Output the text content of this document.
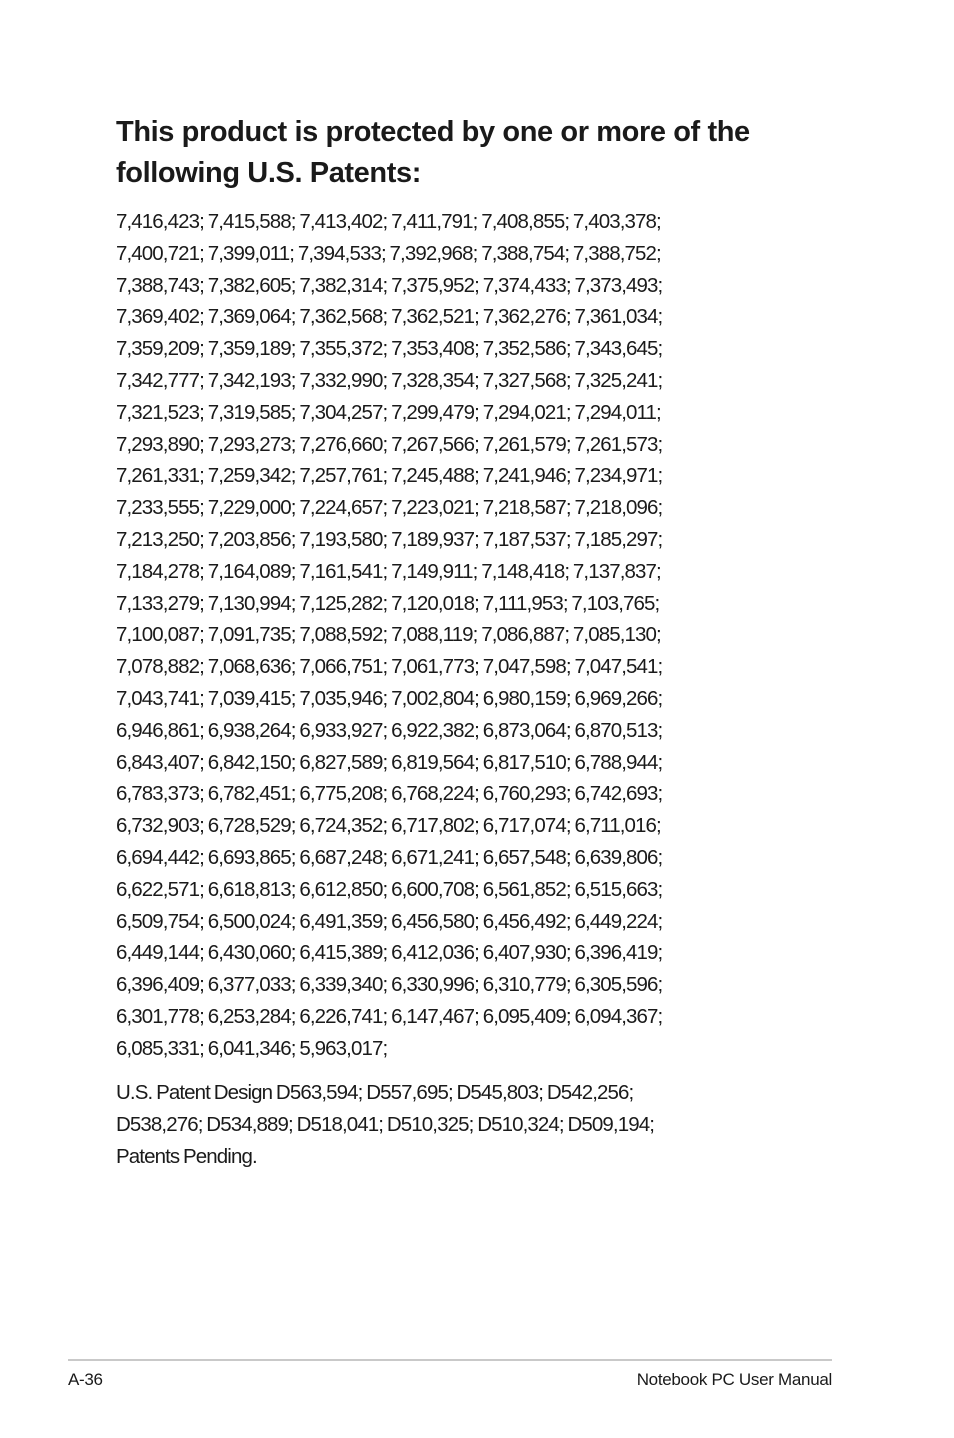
This product is protected by one or more of the
following U.S. Patents:
7,416,423; 7,415,588; 7,413,402; 7,411,791; 7,408,855; 7,403,378;
7,400,721; 7,399,011; 7,394,533; 7,392,968; 7,388,754; 7,388,752;
7,388,743; 7,382,605; 7,382,314; 7,375,952; 7,374,433; 7,373,493;
7,369,402; 7,369,064; 7,362,568; 7,362,521; 7,362,276; 7,361,034;
7,359,209; 7,359,189; 7,355,372; 7,353,408; 7,352,586; 7,343,645;
7,342,777; 7,342,193; 7,332,990; 7,328,354; 7,327,568; 7,325,241;
7,321,523; 7,319,585; 7,304,257; 7,299,479; 7,294,021; 7,294,011;
7,293,890; 7,293,273; 7,276,660; 7,267,566; 7,261,579; 7,261,573;
7,261,331; 7,259,342; 7,257,761; 7,245,488; 7,241,946; 7,234,971;
7,233,555; 7,229,000; 7,224,657; 7,223,021; 7,218,587; 7,218,096;
7,213,250; 7,203,856; 7,193,580; 7,189,937; 7,187,537; 7,185,297;
7,184,278; 7,164,089; 7,161,541; 7,149,911; 7,148,418; 7,137,837;
7,133,279; 7,130,994; 7,125,282; 7,120,018; 7,111,953; 7,103,765;
7,100,087; 7,091,735; 7,088,592; 7,088,119; 7,086,887; 7,085,130;
7,078,882; 7,068,636; 7,066,751; 7,061,773; 7,047,598; 7,047,541;
7,043,741; 7,039,415; 7,035,946; 7,002,804; 6,980,159; 6,969,266;
6,946,861; 6,938,264; 6,933,927; 6,922,382; 6,873,064; 6,870,513;
6,843,407; 6,842,150; 6,827,589; 6,819,564; 6,817,510; 6,788,944;
6,783,373; 6,782,451; 6,775,208; 6,768,224; 6,760,293; 6,742,693;
6,732,903; 6,728,529; 6,724,352; 6,717,802; 6,717,074; 6,711,016;
6,694,442; 6,693,865; 6,687,248; 6,671,241; 6,657,548; 6,639,806;
6,622,571; 6,618,813; 6,612,850; 6,600,708; 6,561,852; 6,515,663;
6,509,754; 6,500,024; 6,491,359; 6,456,580; 6,456,492; 6,449,224;
6,449,144; 6,430,060; 6,415,389; 6,412,036; 6,407,930; 6,396,419;
6,396,409; 6,377,033; 6,339,340; 6,330,996; 6,310,779; 6,305,596;
6,301,778; 6,253,284; 6,226,741; 6,147,467; 6,095,409; 6,094,367;
6,085,331; 6,041,346; 5,963,017;
U.S. Patent Design D563,594; D557,695; D545,803; D542,256;
D538,276; D534,889; D518,041; D510,325; D510,324; D509,194;
Patents Pending.
A-36	Notebook PC User Manual
